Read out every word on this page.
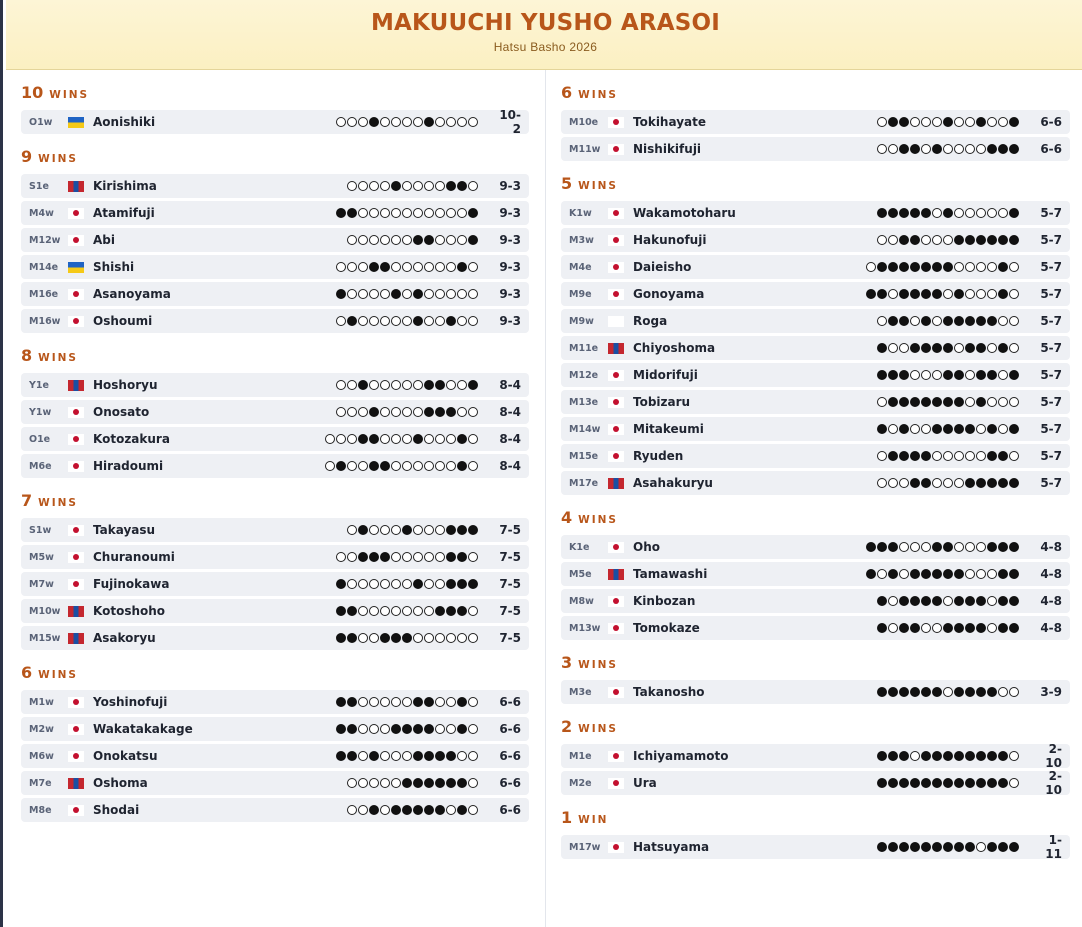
MAKUUCHI YUSHO ARASOI
Hatsu Basho 2026
10 WINS
O1w	Aonishiki	10-2
9 WINS
S1e	Kirishima	9-3
M4w	Atamifuji	9-3
M12w	Abi	9-3
M14e	Shishi	9-3
M16e	Asanoyama	9-3
M16w	Oshoumi	9-3
8 WINS
Y1e	Hoshoryu	8-4
Y1w	Onosato	8-4
O1e	Kotozakura	8-4
M6e	Hiradoumi	8-4
7 WINS
S1w	Takayasu	7-5
M5w	Churanoumi	7-5
M7w	Fujinokawa	7-5
M10w	Kotoshoho	7-5
M15w	Asakoryu	7-5
6 WINS
M1w	Yoshinofuji	6-6
M2w	Wakatakakage	6-6
M6w	Onokatsu	6-6
M7e	Oshoma	6-6
M8e	Shodai	6-6
6 WINS
M10e	Tokihayate	6-6
M11w	Nishikifuji	6-6
5 WINS
K1w	Wakamotoharu	5-7
M3w	Hakunofuji	5-7
M4e	Daieisho	5-7
M9e	Gonoyama	5-7
M9w	Roga	5-7
M11e	Chiyoshoma	5-7
M12e	Midorifuji	5-7
M13e	Tobizaru	5-7
M14w	Mitakeumi	5-7
M15e	Ryuden	5-7
M17e	Asahakuryu	5-7
4 WINS
K1e	Oho	4-8
M5e	Tamawashi	4-8
M8w	Kinbozan	4-8
M13w	Tomokaze	4-8
3 WINS
M3e	Takanosho	3-9
2 WINS
M1e	Ichiyamamoto	2-10
M2e	Ura	2-10
1 WIN
M17w	Hatsuyama	1-11
